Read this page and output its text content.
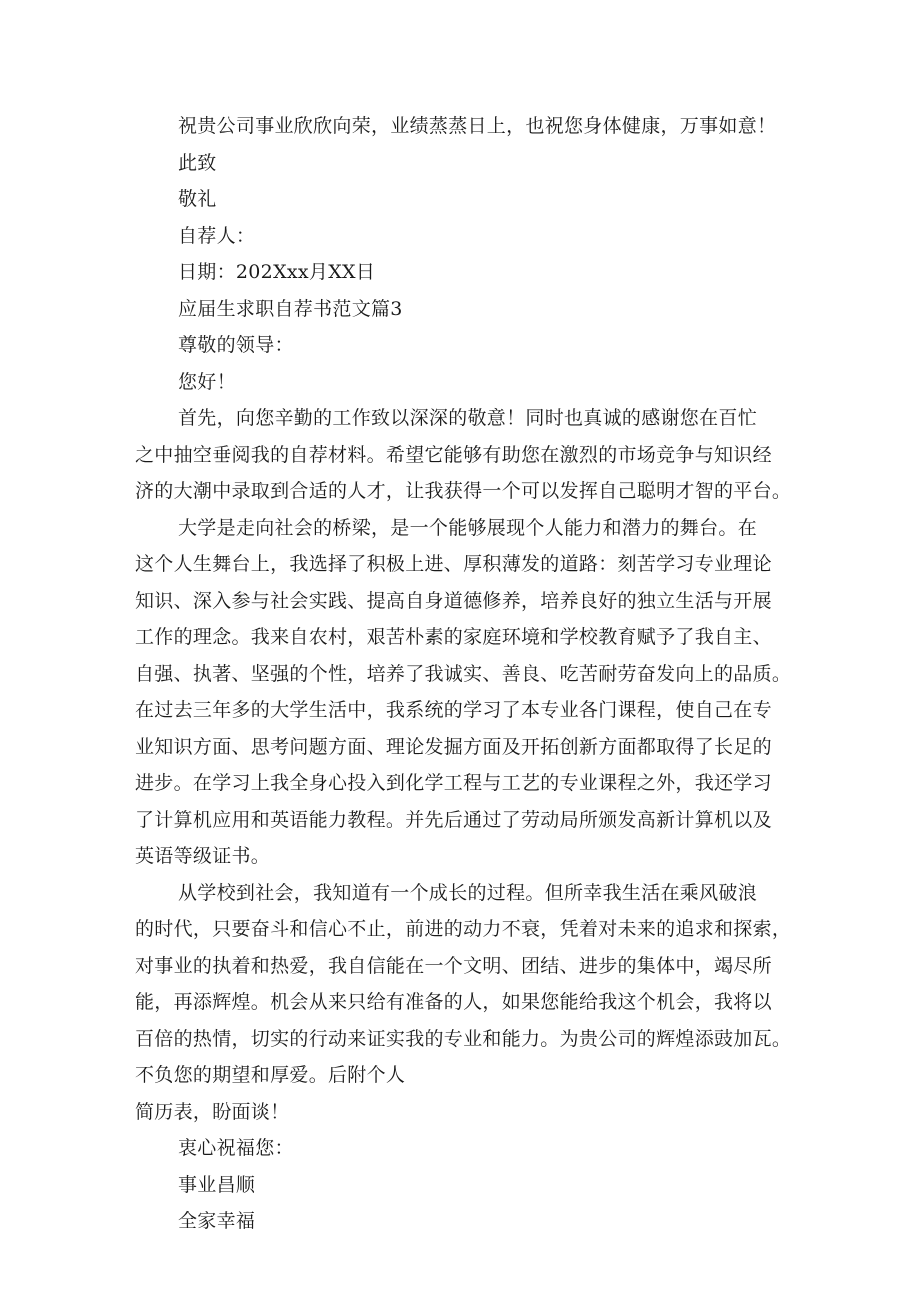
祝贵公司事业欣欣向荣，业绩蒸蒸日上，也祝您身体健康，万事如意！
此致
敬礼
自荐人：
日期：202Xxx月XX日
应届生求职自荐书范文篇3
尊敬的领导：
您好！
首先，向您辛勤的工作致以深深的敬意！同时也真诚的感谢您在百忙
之中抽空垂阅我的自荐材料。希望它能够有助您在激烈的市场竞争与知识经
济的大潮中录取到合适的人才，让我获得一个可以发挥自己聪明才智的平台。
大学是走向社会的桥梁，是一个能够展现个人能力和潜力的舞台。在
这个人生舞台上，我选择了积极上进、厚积薄发的道路：刻苦学习专业理论
知识、深入参与社会实践、提高自身道德修养，培养良好的独立生活与开展
工作的理念。我来自农村，艰苦朴素的家庭环境和学校教育赋予了我自主、
自强、执著、坚强的个性，培养了我诚实、善良、吃苦耐劳奋发向上的品质。
在过去三年多的大学生活中，我系统的学习了本专业各门课程，使自己在专
业知识方面、思考问题方面、理论发掘方面及开拓创新方面都取得了长足的
进步。在学习上我全身心投入到化学工程与工艺的专业课程之外，我还学习
了计算机应用和英语能力教程。并先后通过了劳动局所颁发高新计算机以及
英语等级证书。
从学校到社会，我知道有一个成长的过程。但所幸我生活在乘风破浪
的时代，只要奋斗和信心不止，前进的动力不衰，凭着对未来的追求和探索，
对事业的执着和热爱，我自信能在一个文明、团结、进步的集体中，竭尽所
能，再添辉煌。机会从来只给有准备的人，如果您能给我这个机会，我将以
百倍的热情，切实的行动来证实我的专业和能力。为贵公司的辉煌添豉加瓦。
不负您的期望和厚爱。后附个人
简历表，盼面谈！
衷心祝福您：
事业昌顺
全家幸福
